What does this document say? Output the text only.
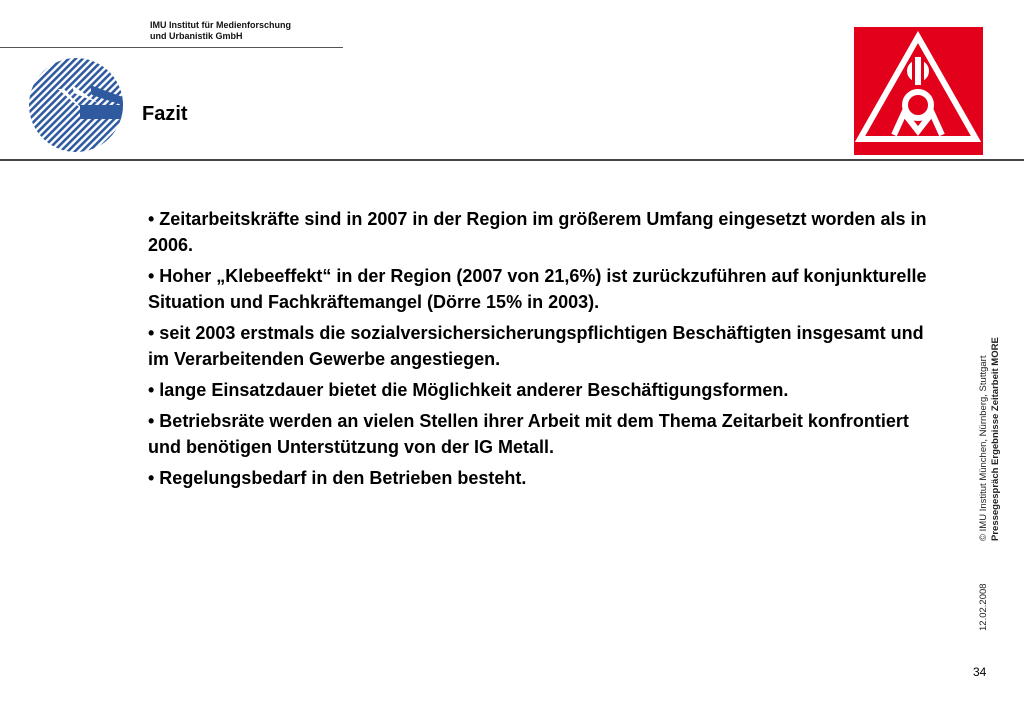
IMU Institut für Medienforschung
und Urbanistik GmbH
Fazit
• Zeitarbeitskräfte sind in 2007 in der Region im größerem Umfang eingesetzt worden als in 2006.
• Hoher „Klebeeffekt“ in der Region (2007 von 21,6%) ist zurückzuführen auf konjunkturelle Situation und Fachkräftemangel (Dörre 15% in 2003).
• seit 2003 erstmals die sozialversichersicherungspflichtigen Beschäftigten insgesamt und im Verarbeitenden Gewerbe angestiegen.
• lange Einsatzdauer bietet die Möglichkeit anderer Beschäftigungsformen.
• Betriebsräte werden an vielen Stellen ihrer Arbeit mit dem Thema Zeitarbeit konfrontiert und benötigen Unterstützung von der IG Metall.
• Regelungsbedarf in den Betrieben besteht.	© IMU Institut München, Nürnberg, Stuttgart Pressegespräch Ergebnisse Zeitarbeit MORE
12.02.2008
34
